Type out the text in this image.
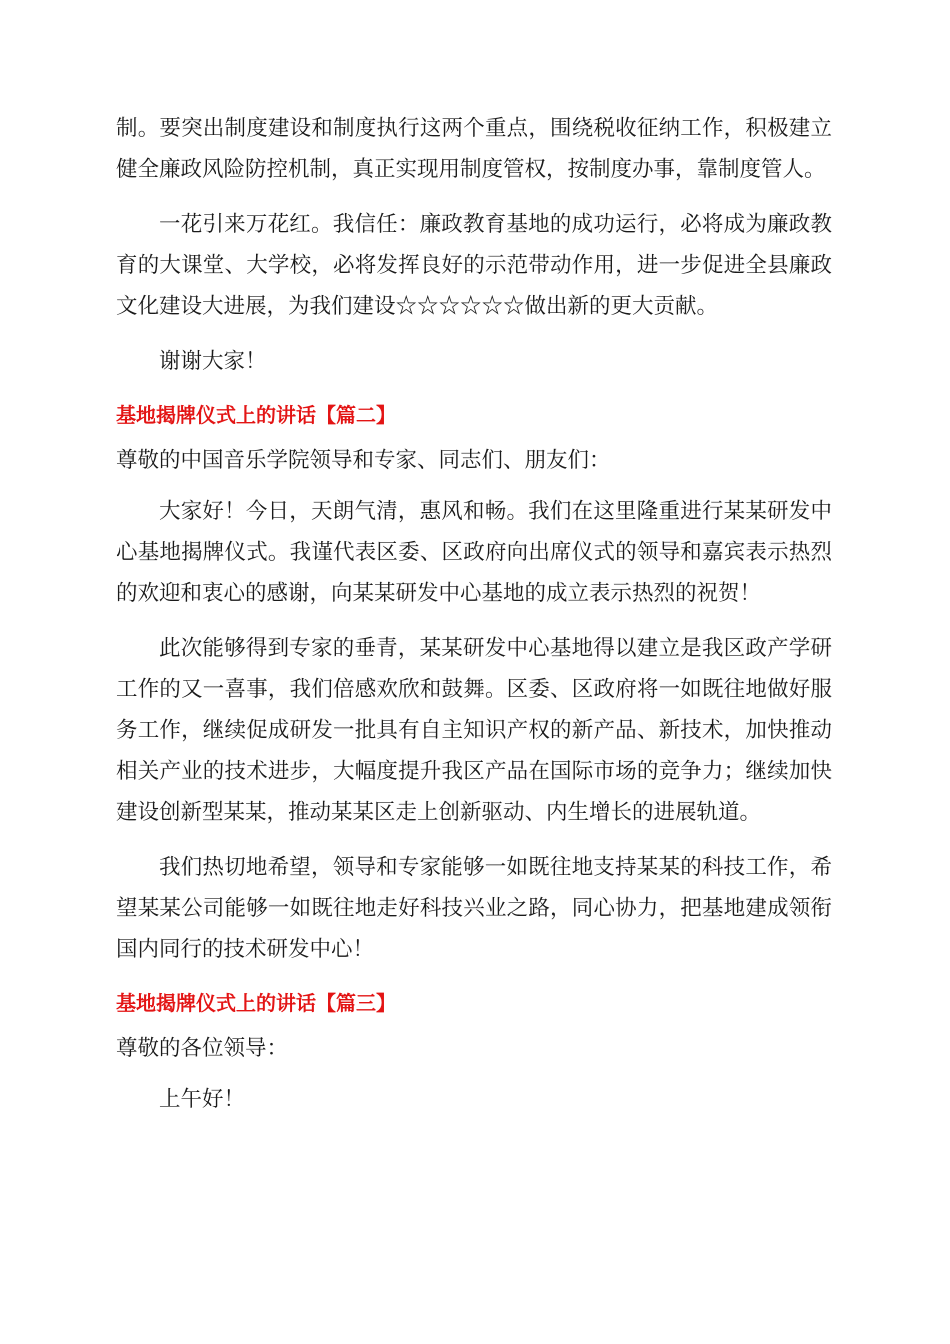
制。要突出制度建设和制度执行这两个重点，围绕税收征纳工作，积极建立健全廉政风险防控机制，真正实现用制度管权，按制度办事，靠制度管人。

一花引来万花红。我信任：廉政教育基地的成功运行，必将成为廉政教育的大课堂、大学校，必将发挥良好的示范带动作用，进一步促进全县廉政文化建设大进展，为我们建设☆☆☆☆☆☆做出新的更大贡献。

谢谢大家！

基地揭牌仪式上的讲话【篇二】

尊敬的中国音乐学院领导和专家、同志们、朋友们：

大家好！今日，天朗气清，惠风和畅。我们在这里隆重进行某某研发中心基地揭牌仪式。我谨代表区委、区政府向出席仪式的领导和嘉宾表示热烈的欢迎和衷心的感谢，向某某研发中心基地的成立表示热烈的祝贺！

此次能够得到专家的垂青，某某研发中心基地得以建立是我区政产学研工作的又一喜事，我们倍感欢欣和鼓舞。区委、区政府将一如既往地做好服务工作，继续促成研发一批具有自主知识产权的新产品、新技术，加快推动相关产业的技术进步，大幅度提升我区产品在国际市场的竞争力；继续加快建设创新型某某，推动某某区走上创新驱动、内生增长的进展轨道。

我们热切地希望，领导和专家能够一如既往地支持某某的科技工作，希望某某公司能够一如既往地走好科技兴业之路，同心协力，把基地建成领衔国内同行的技术研发中心！

基地揭牌仪式上的讲话【篇三】

尊敬的各位领导：

上午好！
